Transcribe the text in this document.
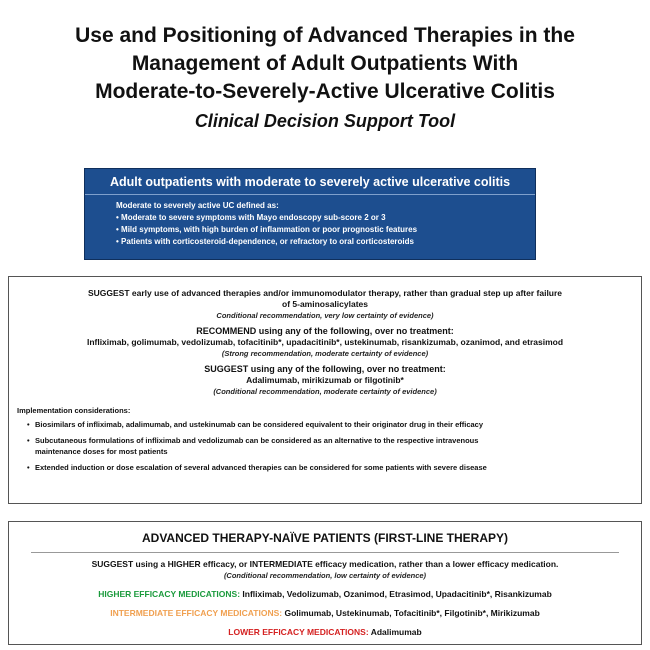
Use and Positioning of Advanced Therapies in the
Management of Adult Outpatients With
Moderate-to-Severely-Active Ulcerative Colitis
Clinical Decision Support Tool
Adult outpatients with moderate to severely active ulcerative colitis
Moderate to severely active UC defined as:
• Moderate to severe symptoms with Mayo endoscopy sub-score 2 or 3
• Mild symptoms, with high burden of inflammation or poor prognostic features
• Patients with corticosteroid-dependence, or refractory to oral corticosteroids
SUGGEST early use of advanced therapies and/or immunomodulator therapy, rather than gradual step up after failure
of 5-aminosalicylates
Conditional recommendation, very low certainty of evidence)
RECOMMEND using any of the following, over no treatment:
Infliximab, golimumab, vedolizumab, tofacitinib*, upadacitinib*, ustekinumab, risankizumab, ozanimod, and etrasimod
(Strong recommendation, moderate certainty of evidence)
SUGGEST using any of the following, over no treatment:
Adalimumab, mirikizumab or filgotinib*
(Conditional recommendation, moderate certainty of evidence)
Implementation considerations:
• Biosimilars of infliximab, adalimumab, and ustekinumab can be considered equivalent to their originator drug in their efficacy
• Subcutaneous formulations of infliximab and vedolizumab can be considered as an alternative to the respective intravenous
maintenance doses for most patients
• Extended induction or dose escalation of several advanced therapies can be considered for some patients with severe disease
ADVANCED THERAPY-NAÏVE PATIENTS (FIRST-LINE THERAPY)
SUGGEST using a HIGHER efficacy, or INTERMEDIATE efficacy medication, rather than a lower efficacy medication.
(Conditional recommendation, low certainty of evidence)
HIGHER EFFICACY MEDICATIONS: Infliximab, Vedolizumab, Ozanimod, Etrasimod, Upadacitinib*, Risankizumab
INTERMEDIATE EFFICACY MEDICATIONS: Golimumab, Ustekinumab, Tofacitinib*, Filgotinib*, Mirikizumab
LOWER EFFICACY MEDICATIONS: Adalimumab
